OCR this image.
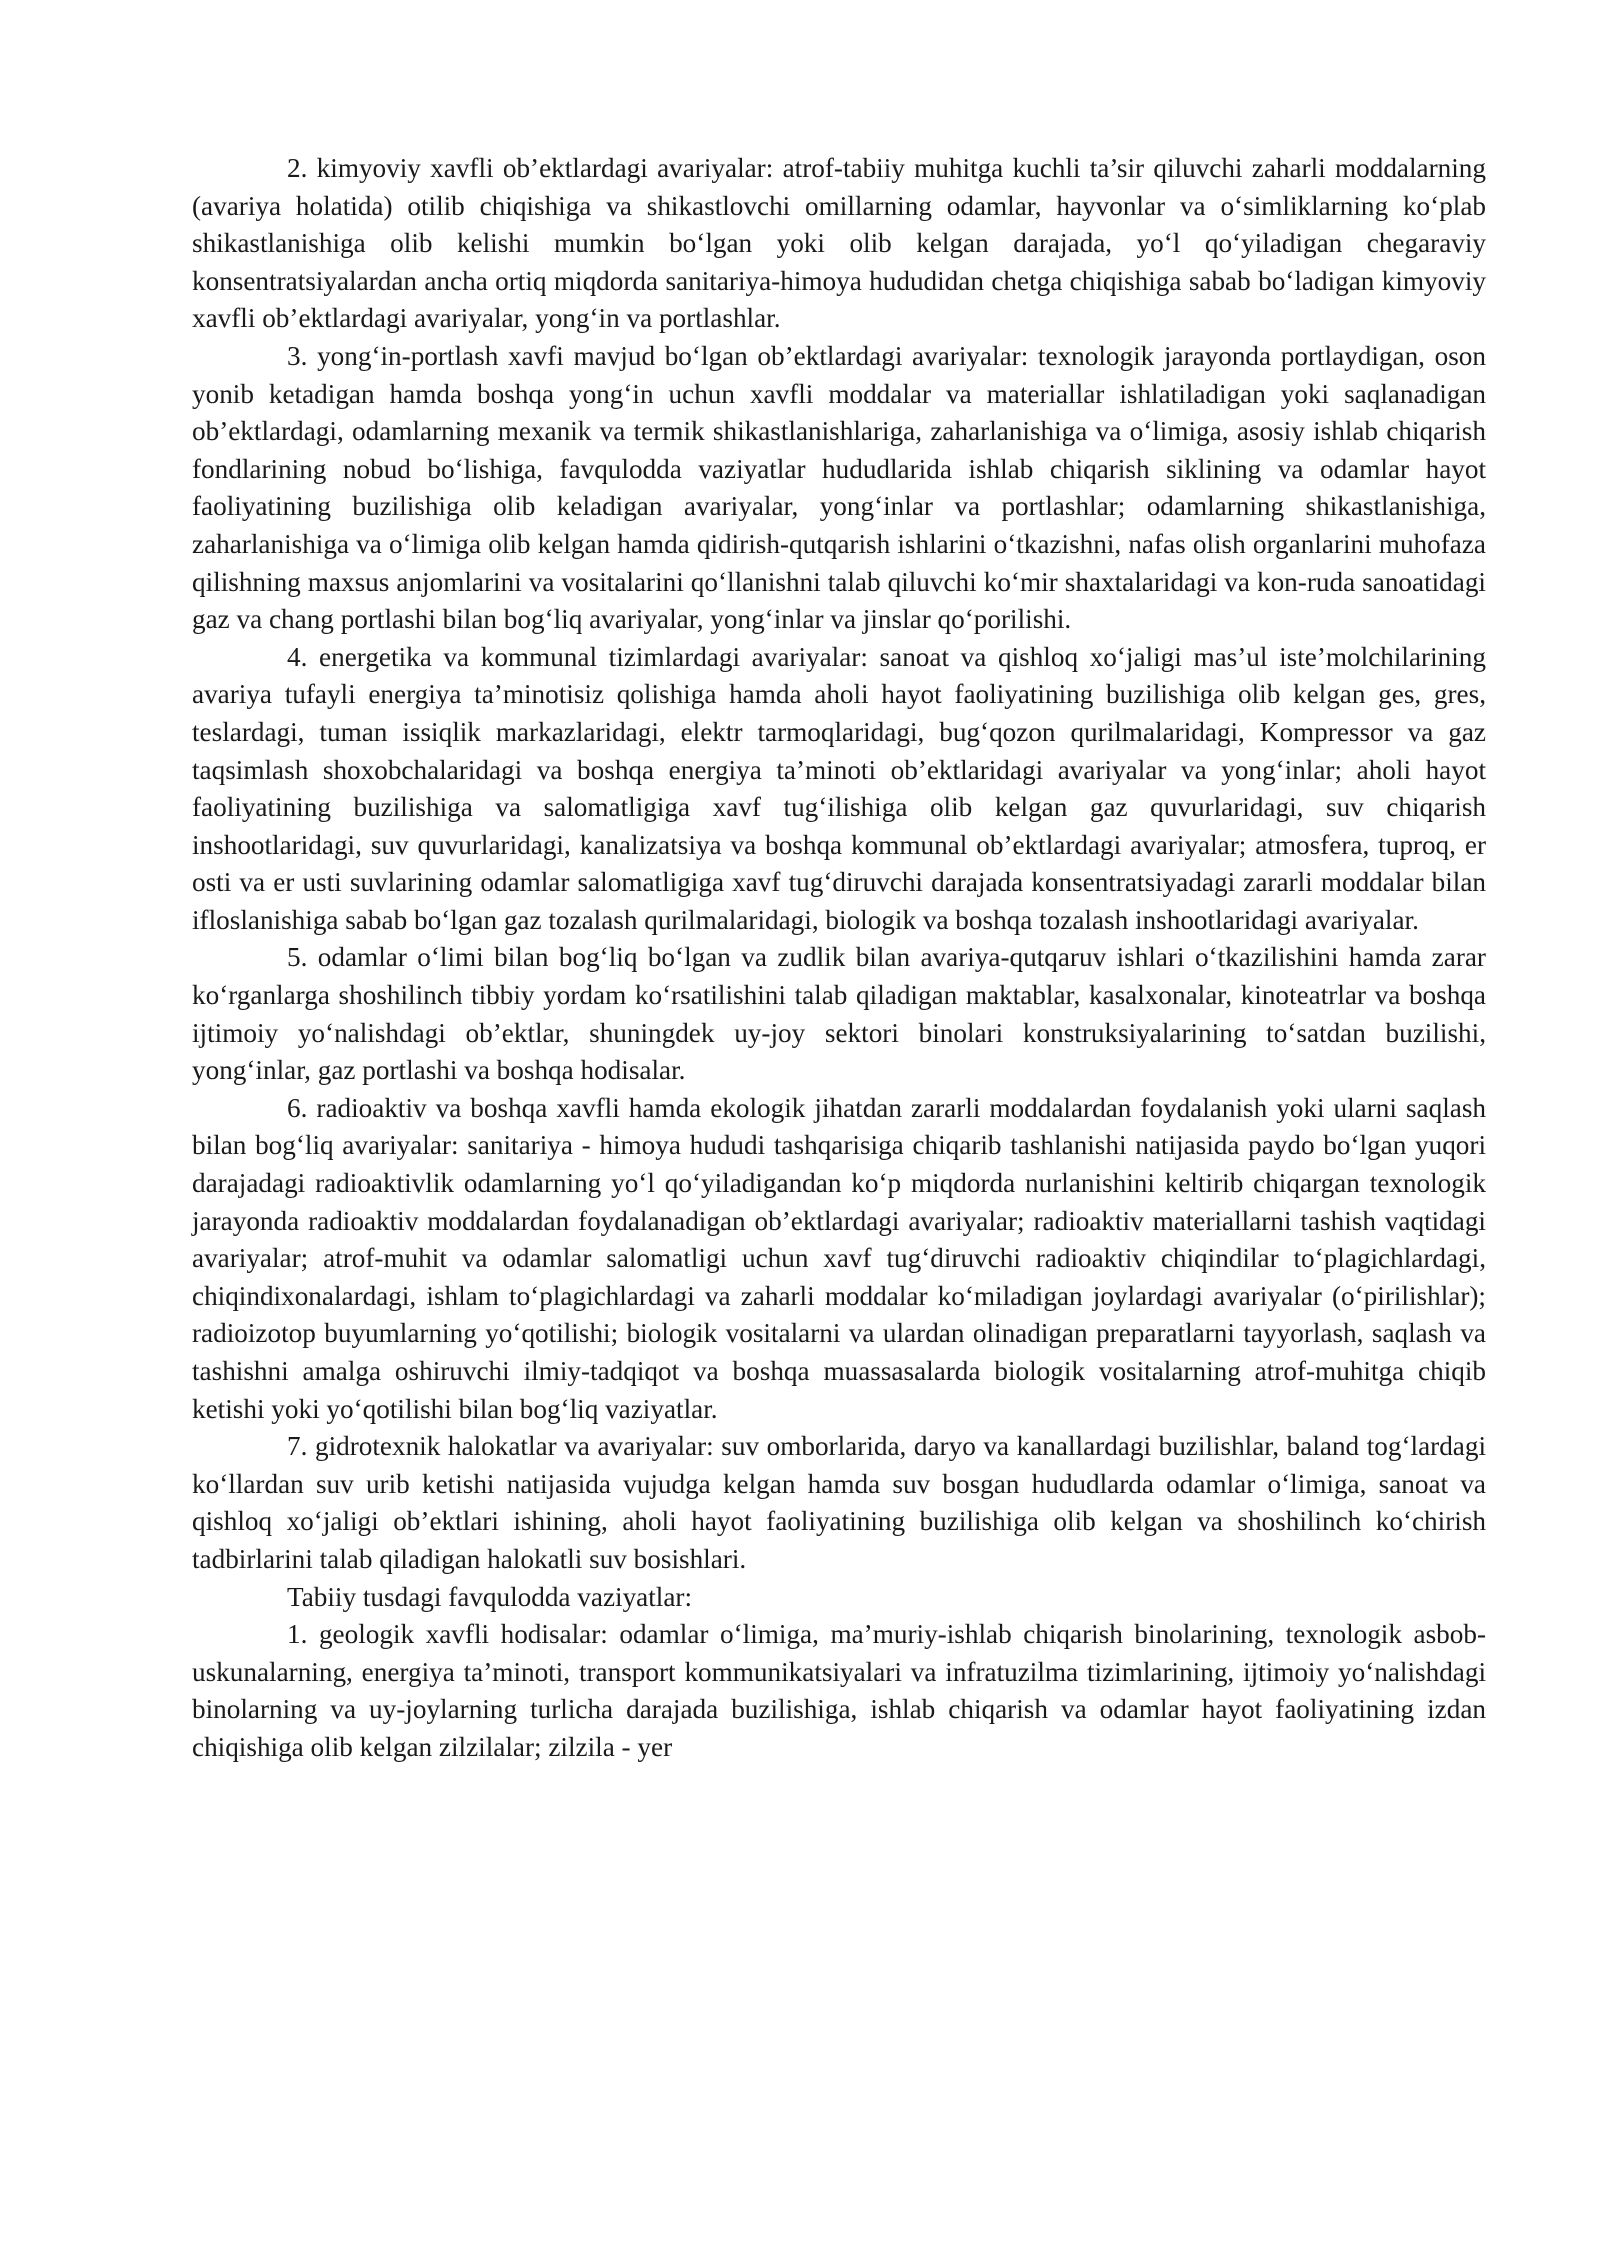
2. kimyoviy xavfli ob’ektlardagi avariyalar: atrof-tabiiy muhitga kuchli ta’sir qiluvchi zaharli moddalarning (avariya holatida) otilib chiqishiga va shikastlovchi omillarning odamlar, hayvonlar va o‘simliklarning ko‘plab shikastlanishiga olib kelishi mumkin bo‘lgan yoki olib kelgan darajada, yo‘l qo‘yiladigan chegaraviy konsentratsiyalardan ancha ortiq miqdorda sanitariya-himoya hududidan chetga chiqishiga sabab bo‘ladigan kimyoviy xavfli ob’ektlardagi avariyalar, yong‘in va portlashlar.

3. yong‘in-portlash xavfi mavjud bo‘lgan ob’ektlardagi avariyalar: texnologik jarayonda portlaydigan, oson yonib ketadigan hamda boshqa yong‘in uchun xavfli moddalar va materiallar ishlatiladigan yoki saqlanadigan ob’ektlardagi, odamlarning mexanik va termik shikastlanishlariga, zaharlanishiga va o‘limiga, asosiy ishlab chiqarish fondlarining nobud bo‘lishiga, favqulodda vaziyatlar hududlarida ishlab chiqarish siklining va odamlar hayot faoliyatining buzilishiga olib keladigan avariyalar, yong‘inlar va portlashlar; odamlarning shikastlanishiga, zaharlanishiga va o‘limiga olib kelgan hamda qidirish-qutqarish ishlarini o‘tkazishni, nafas olish organlarini muhofaza qilishning maxsus anjomlarini va vositalarini qo‘llanishni talab qiluvchi ko‘mir shaxtalaridagi va kon-ruda sanoatidagi gaz va chang portlashi bilan bog‘liq avariyalar, yong‘inlar va jinslar qo‘porilishi.

4. energetika va kommunal tizimlardagi avariyalar: sanoat va qishloq xo‘jaligi mas’ul iste’molchilarining avariya tufayli energiya ta’minotisiz qolishiga hamda aholi hayot faoliyatining buzilishiga olib kelgan ges, gres, teslardagi, tuman issiqlik markazlaridagi, elektr tarmoqlaridagi, bug‘qozon qurilmalaridagi, Kompressor va gaz taqsimlash shoxobchalaridagi va boshqa energiya ta’minoti ob’ektlaridagi avariyalar va yong‘inlar; aholi hayot faoliyatining buzilishiga va salomatligiga xavf tug‘ilishiga olib kelgan gaz quvurlaridagi, suv chiqarish inshootlaridagi, suv quvurlaridagi, kanalizatsiya va boshqa kommunal ob’ektlardagi avariyalar; atmosfera, tuproq, er osti va er usti suvlarining odamlar salomatligiga xavf tug‘diruvchi darajada konsentratsiyadagi zararli moddalar bilan ifloslanishiga sabab bo‘lgan gaz tozalash qurilmalaridagi, biologik va boshqa tozalash inshootlaridagi avariyalar.

5. odamlar o‘limi bilan bog‘liq bo‘lgan va zudlik bilan avariya-qutqaruv ishlari o‘tkazilishini hamda zarar ko‘rganlarga shoshilinch tibbiy yordam ko‘rsatilishini talab qiladigan maktablar, kasalxonalar, kinoteatrlar va boshqa ijtimoiy yo‘nalishdagi ob’ektlar, shuningdek uy-joy sektori binolari konstruksiyalarining to‘satdan buzilishi, yong‘inlar, gaz portlashi va boshqa hodisalar.

6. radioaktiv va boshqa xavfli hamda ekologik jihatdan zararli moddalardan foydalanish yoki ularni saqlash bilan bog‘liq avariyalar: sanitariya - himoya hududi tashqarisiga chiqarib tashlanishi natijasida paydo bo‘lgan yuqori darajadagi radioaktivlik odamlarning yo‘l qo‘yiladigandan ko‘p miqdorda nurlanishini keltirib chiqargan texnologik jarayonda radioaktiv moddalardan foydalanadigan ob’ektlardagi avariyalar; radioaktiv materiallarni tashish vaqtidagi avariyalar; atrof-muhit va odamlar salomatligi uchun xavf tug‘diruvchi radioaktiv chiqindilar to‘plagichlardagi, chiqindixonalardagi, ishlam to‘plagichlardagi va zaharli moddalar ko‘miladigan joylardagi avariyalar (o‘pirilishlar); radioizotop buyumlarning yo‘qotilishi; biologik vositalarni va ulardan olinadigan preparatlarni tayyorlash, saqlash va tashishni amalga oshiruvchi ilmiy-tadqiqot va boshqa muassasalarda biologik vositalarning atrof-muhitga chiqib ketishi yoki yo‘qotilishi bilan bog‘liq vaziyatlar.

7. gidrotexnik halokatlar va avariyalar: suv omborlarida, daryo va kanallardagi buzilishlar, baland tog‘lardagi ko‘llardan suv urib ketishi natijasida vujudga kelgan hamda suv bosgan hududlarda odamlar o‘limiga, sanoat va qishloq xo‘jaligi ob’ektlari ishining, aholi hayot faoliyatining buzilishiga olib kelgan va shoshilinch ko‘chirish tadbirlarini talab qiladigan halokatli suv bosishlari.

Tabiiy tusdagi favqulodda vaziyatlar:

1. geologik xavfli hodisalar: odamlar o‘limiga, ma’muriy-ishlab chiqarish binolarining, texnologik asbob-uskunalarning, energiya ta’minoti, transport kommunikatsiyalari va infratuzilma tizimlarining, ijtimoiy yo‘nalishdagi binolarning va uy-joylarning turlicha darajada buzilishiga, ishlab chiqarish va odamlar hayot faoliyatining izdan chiqishiga olib kelgan zilzilalar; zilzila - yer
